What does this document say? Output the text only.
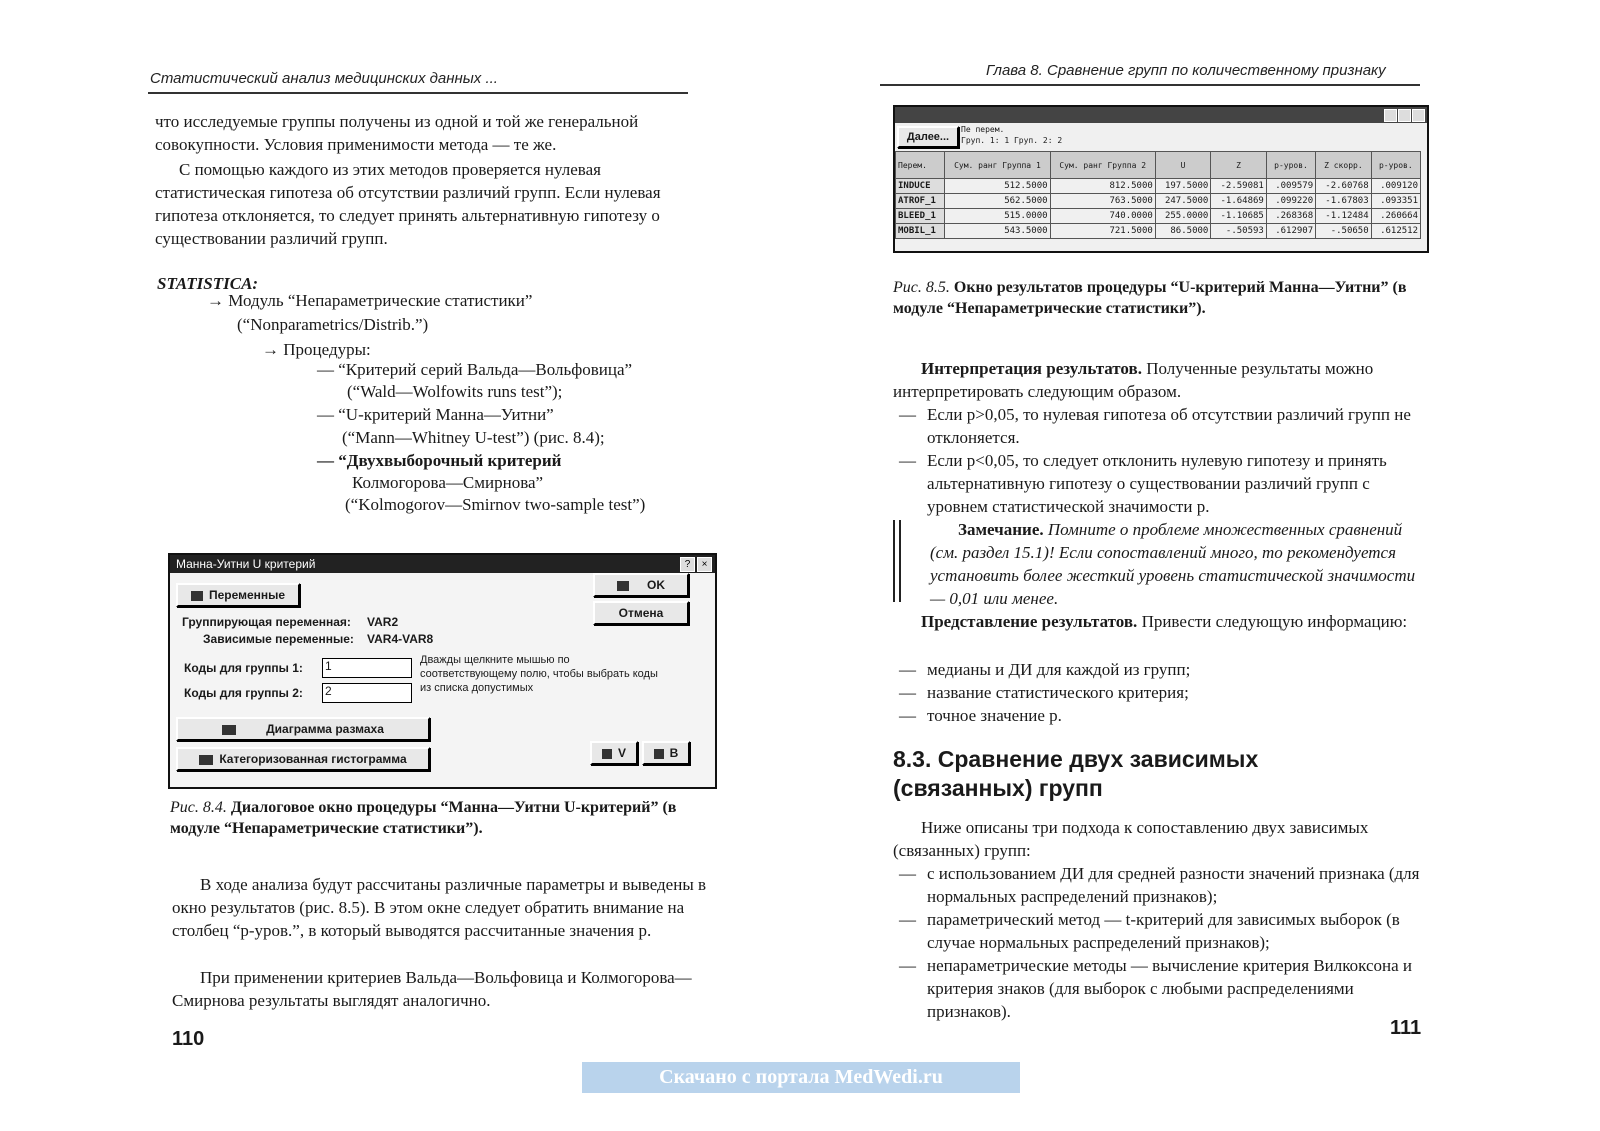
Статистический анализ медицинских данных ...

что исследуемые группы получены из одной и той же генеральной совокупности. Условия применимости метода — те же.

С помощью каждого из этих методов проверяется нулевая статистическая гипотеза об отсутствии различий групп. Если нулевая гипотеза отклоняется, то следует принять альтернативную гипотезу о существовании различий групп.

STATISTICA:
→ Модуль “Непараметрические статистики”
(“Nonparametrics/Distrib.”)
→ Процедуры:
— “Критерий серий Вальда—Вольфовица”
(“Wald—Wolfowits runs test”);
— “U-критерий Манна—Уитни”
(“Mann—Whitney U-test”) (рис. 8.4);
— “Двухвыборочный критерий
Колмогорова—Смирнова”
(“Kolmogorov—Smirnov two-sample test”)
Манна-Уитни U критерий	?	×
Переменные
OK
Отмена
Группирующая переменная: VAR2
Зависимые переменные: VAR4-VAR8
Коды для группы 1: 1
Коды для группы 2: 2
Дважды щелкните мышью по соответствующему полю, чтобы выбрать коды из списка допустимых
Диаграмма размаха
Категоризованная гистограмма	V	B
Рис. 8.4. Диалоговое окно процедуры “Манна—Уитни U-критерий” (в модуле “Непараметрические статистики”).

В ходе анализа будут рассчитаны различные параметры и выведены в окно результатов (рис. 8.5). В этом окне следует обратить внимание на столбец “p-уров.”, в который выводятся рассчитанные значения p.

При применении критериев Вальда—Вольфовица и Колмогорова—Смирнова результаты выглядят аналогично.

110
Глава 8. Сравнение групп по количественному признаку
Далее...
Пе перем.
Груп. 1: 1 Груп. 2: 2
Перем.	Сум. ранг Группа 1	Сум. ранг Группа 2	U	Z	p-уров.	Z скорр.	p-уров.
INDUCE	512.5000	812.5000	197.5000	-2.59081	.009579	-2.60768	.009120
ATROF_1	562.5000	763.5000	247.5000	-1.64869	.099220	-1.67803	.093351
BLEED_1	515.0000	740.0000	255.0000	-1.10685	.268368	-1.12484	.260664
MOBIL_1	543.5000	721.5000	86.5000	-.50593	.612907	-.50650	.612512
Рис. 8.5. Окно результатов процедуры “U-критерий Манна—Уитни” (в модуле “Непараметрические статистики”).
Интерпретация результатов. Полученные результаты можно интерпретировать следующим образом.
— Если p>0,05, то нулевая гипотеза об отсутствии различий групп не отклоняется.
— Если p<0,05, то следует отклонить нулевую гипотезу и принять альтернативную гипотезу о существовании различий групп с уровнем статистической значимости p.
Замечание. Помните о проблеме множественных сравнений (см. раздел 15.1)! Если сопоставлений много, то рекомендуется установить более жесткий уровень статистической значимости — 0,01 или менее.
Представление результатов. Привести следующую информацию:
— медианы и ДИ для каждой из групп;
— название статистического критерия;
— точное значение p.
8.3. Сравнение двух зависимых
(связанных) групп
Ниже описаны три подхода к сопоставлению двух зависимых (связанных) групп:
— с использованием ДИ для средней разности значений признака (для нормальных распределений признаков);
— параметрический метод — t-критерий для зависимых выборок (в случае нормальных распределений признаков);
— непараметрические методы — вычисление критерия Вилкоксона и критерия знаков (для выборок с любыми распределениями признаков).
111
Скачано с портала MedWedi.ru
